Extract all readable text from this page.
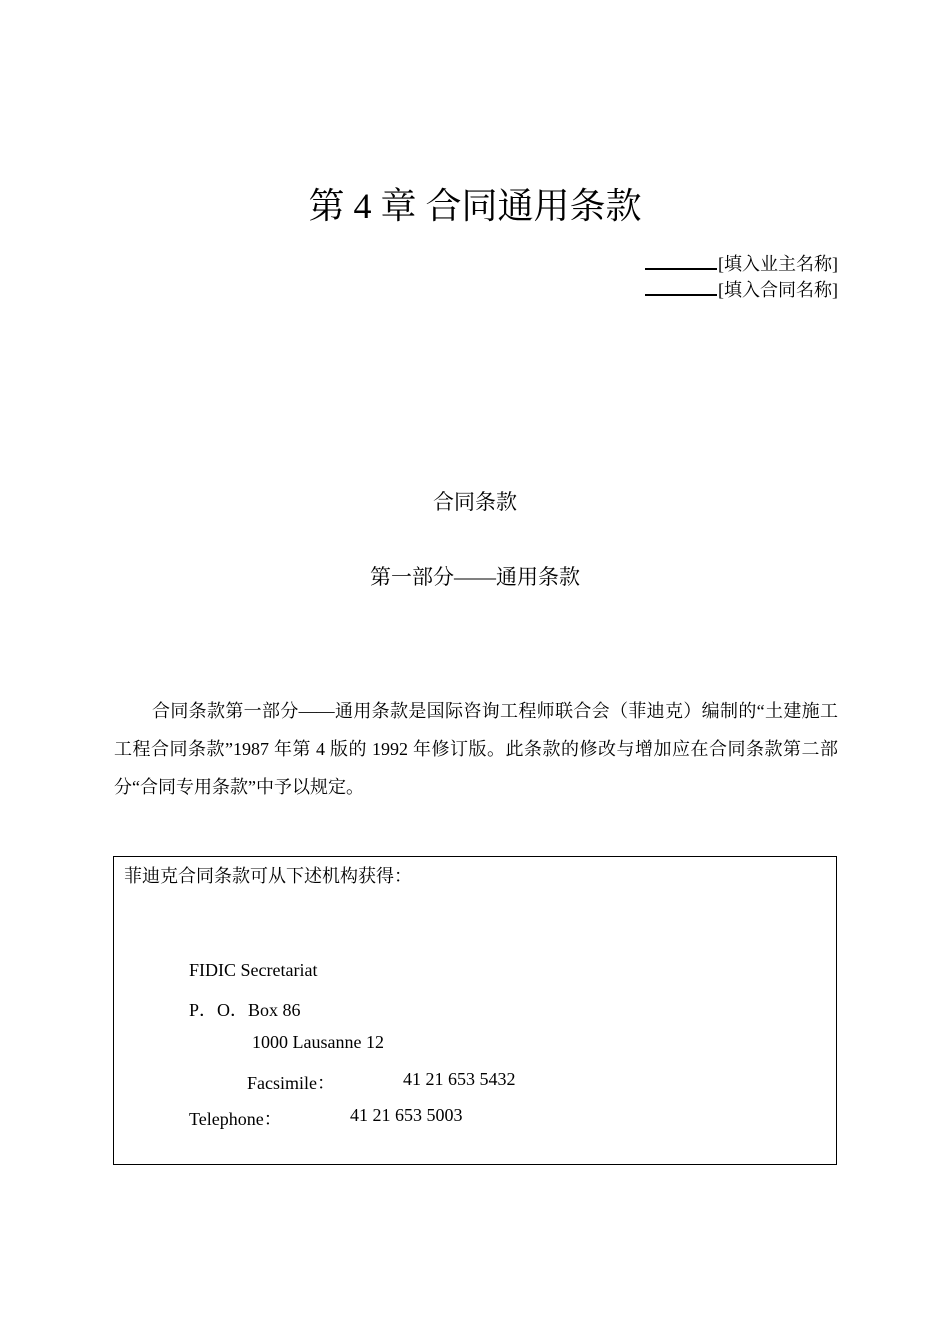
第 4 章 合同通用条款
[填入业主名称]
[填入合同名称]
合同条款
第一部分——通用条款
合同条款第一部分——通用条款是国际咨询工程师联合会（菲迪克）编制的“土建施工工程合同条款”1987 年第 4 版的 1992 年修订版。此条款的修改与增加应在合同条款第二部分“合同专用条款”中予以规定。
菲迪克合同条款可从下述机构获得：
FIDIC Secretariat
P．O．Box 86
1000 Lausanne 12
Facsimile：	41 21 653 5432
Telephone：	41 21 653 5003
